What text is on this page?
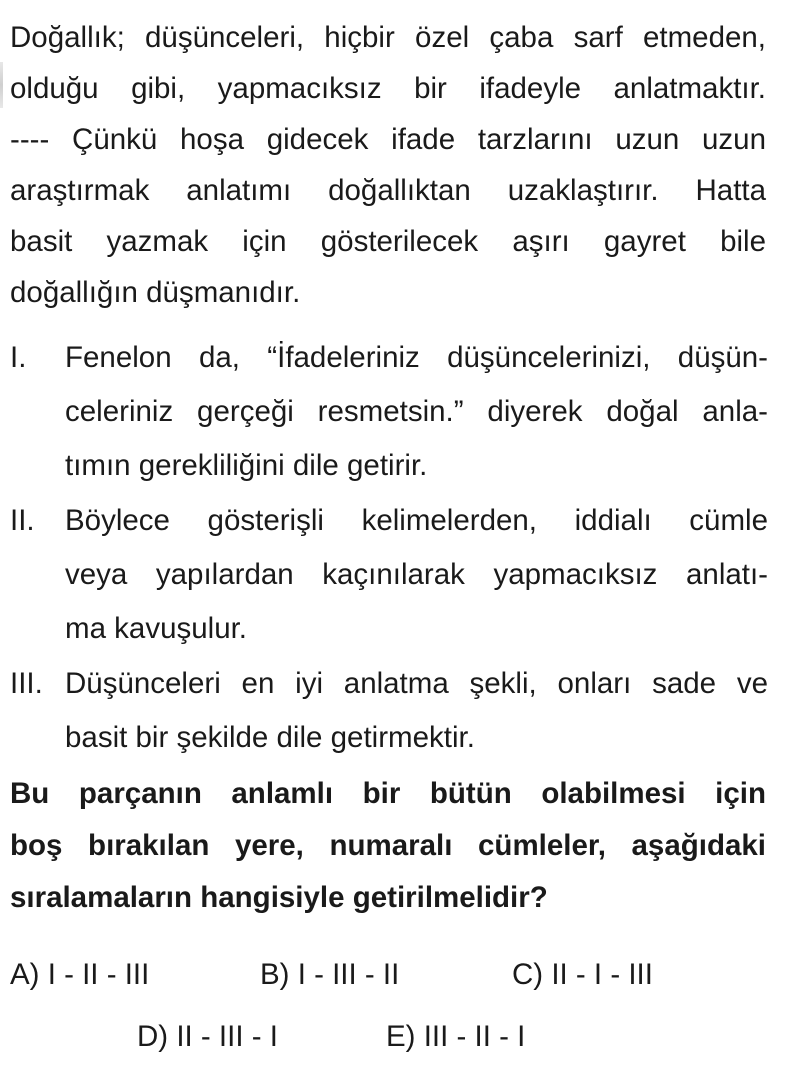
Doğallık; düşünceleri, hiçbir özel çaba sarf etmeden,
olduğu gibi, yapmacıksız bir ifadeyle anlatmaktır.
---- Çünkü hoşa gidecek ifade tarzlarını uzun uzun
araştırmak anlatımı doğallıktan uzaklaştırır. Hatta
basit yazmak için gösterilecek aşırı gayret bile
doğallığın düşmanıdır.
I. Fenelon da, “İfadeleriniz düşüncelerinizi, düşün-
celeriniz gerçeği resmetsin.” diyerek doğal anla-
tımın gerekliliğini dile getirir.
II. Böylece gösterişli kelimelerden, iddialı cümle
veya yapılardan kaçınılarak yapmacıksız anlatı-
ma kavuşulur.
III. Düşünceleri en iyi anlatma şekli, onları sade ve
basit bir şekilde dile getirmektir.
Bu parçanın anlamlı bir bütün olabilmesi için
boş bırakılan yere, numaralı cümleler, aşağıdaki
sıralamaların hangisiyle getirilmelidir?
A) I - II - III	B) I - III - II	C) II - I - III
D) II - III - I	E) III - II - I
